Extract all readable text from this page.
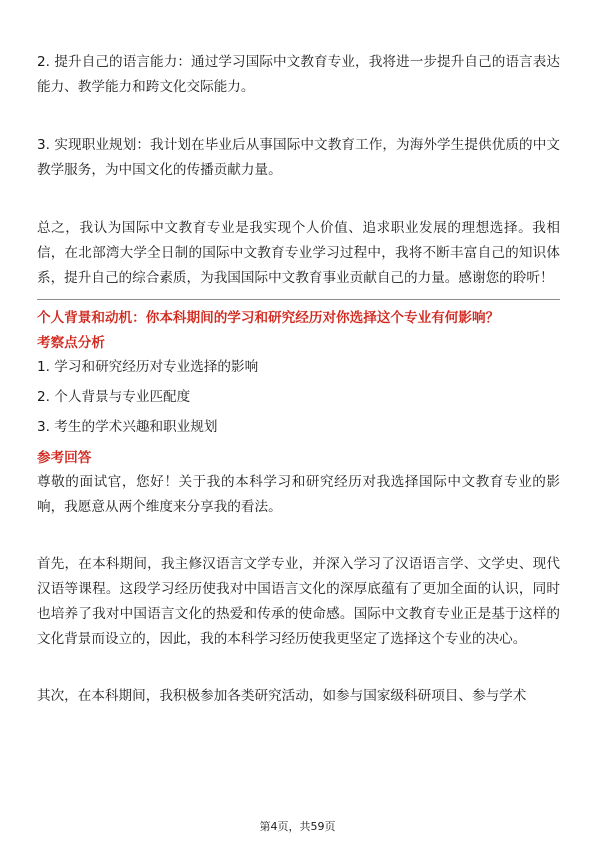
2. 提升自己的语言能力：通过学习国际中文教育专业，我将进一步提升自己的语言表达能力、教学能力和跨文化交际能力。

3. 实现职业规划：我计划在毕业后从事国际中文教育工作，为海外学生提供优质的中文教学服务，为中国文化的传播贡献力量。

总之，我认为国际中文教育专业是我实现个人价值、追求职业发展的理想选择。我相信，在北部湾大学全日制的国际中文教育专业学习过程中，我将不断丰富自己的知识体系，提升自己的综合素质，为我国国际中文教育事业贡献自己的力量。感谢您的聆听！

个人背景和动机：你本科期间的学习和研究经历对你选择这个专业有何影响？

考察点分析

1. 学习和研究经历对专业选择的影响

2. 个人背景与专业匹配度

3. 考生的学术兴趣和职业规划

参考回答

尊敬的面试官，您好！关于我的本科学习和研究经历对我选择国际中文教育专业的影响，我愿意从两个维度来分享我的看法。

首先，在本科期间，我主修汉语言文学专业，并深入学习了汉语语言学、文学史、现代汉语等课程。这段学习经历使我对中国语言文化的深厚底蕴有了更加全面的认识，同时也培养了我对中国语言文化的热爱和传承的使命感。国际中文教育专业正是基于这样的文化背景而设立的，因此，我的本科学习经历使我更坚定了选择这个专业的决心。

其次，在本科期间，我积极参加各类研究活动，如参与国家级科研项目、参与学术

第4页，共59页
